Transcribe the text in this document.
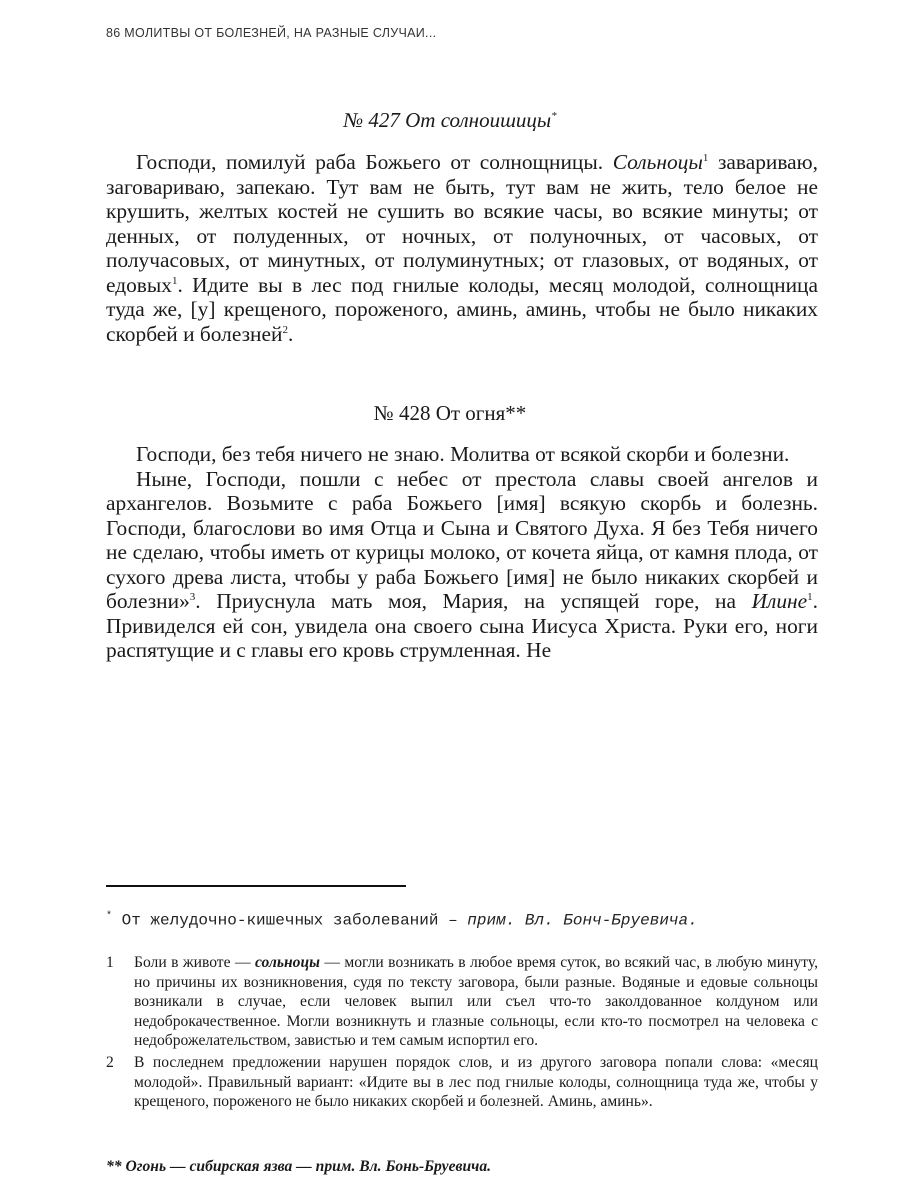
86 МОЛИТВЫ ОТ БОЛЕЗНЕЙ, НА РАЗНЫЕ СЛУЧАИ...
№ 427 От солноишицы*

Господи, помилуй раба Божьего от солнощницы. Сольноцы$^1$ завариваю, заговариваю, запекаю. Тут вам не быть, тут вам не жить, тело белое не крушить, желтых костей не сушить во всякие часы, во всякие минуты; от денных, от полуденных, от ночных, от полуночных, от часовых, от получасовых, от минутных, от полуминутных; от глазовых, от водяных, от едовых$^1$. Идите вы в лес под гнилые колоды, месяц молодой, солнощница туда же, [у] крещеного, пороженого, аминь, аминь, чтобы не было никаких скорбей и болезней$^2$.

№ 428 От огня**

Господи, без тебя ничего не знаю. Молитва от всякой скорби и болезни.

Ныне, Господи, пошли с небес от престола славы своей ангелов и архангелов. Возьмите с раба Божьего [имя] всякую скорбь и болезнь. Господи, благослови во имя Отца и Сына и Святого Духа. Я без Тебя ничего не сделаю, чтобы иметь от курицы молоко, от кочета яйца, от камня плода, от сухого древа листа, чтобы у раба Божьего [имя] не было никаких скорбей и болезни»$^3$. Приуснула мать моя, Мария, на успящей горе, на Илине$^1$. Привиделся ей сон, увидела она своего сына Иисуса Христа. Руки его, ноги распятущие и с главы его кровь струмленная. Не

* От желудочно-кишечных заболеваний – прим. Вл. Бонч-Бруевича.
1	Боли в животе — сольноцы — могли возникать в любое время суток, во всякий час, в любую минуту, но причины их возникновения, судя по тексту заговора, были разные. Водяные и едовые сольноцы возникали в случае, если человек выпил или съел что-то заколдованное колдуном или недоброкачественное. Могли возникнуть и глазные сольноцы, если кто-то посмотрел на человека с недоброжелательством, завистью и тем самым испортил его.
2	В последнем предложении нарушен порядок слов, и из другого заговора попали слова: «месяц молодой». Правильный вариант: «Идите вы в лес под гнилые колоды, солнощница туда же, чтобы у крещеного, пороженого не было никаких скорбей и болезней. Аминь, аминь».
** Огонь — сибирская язва — прим. Вл. Бонь-Бруевича.
